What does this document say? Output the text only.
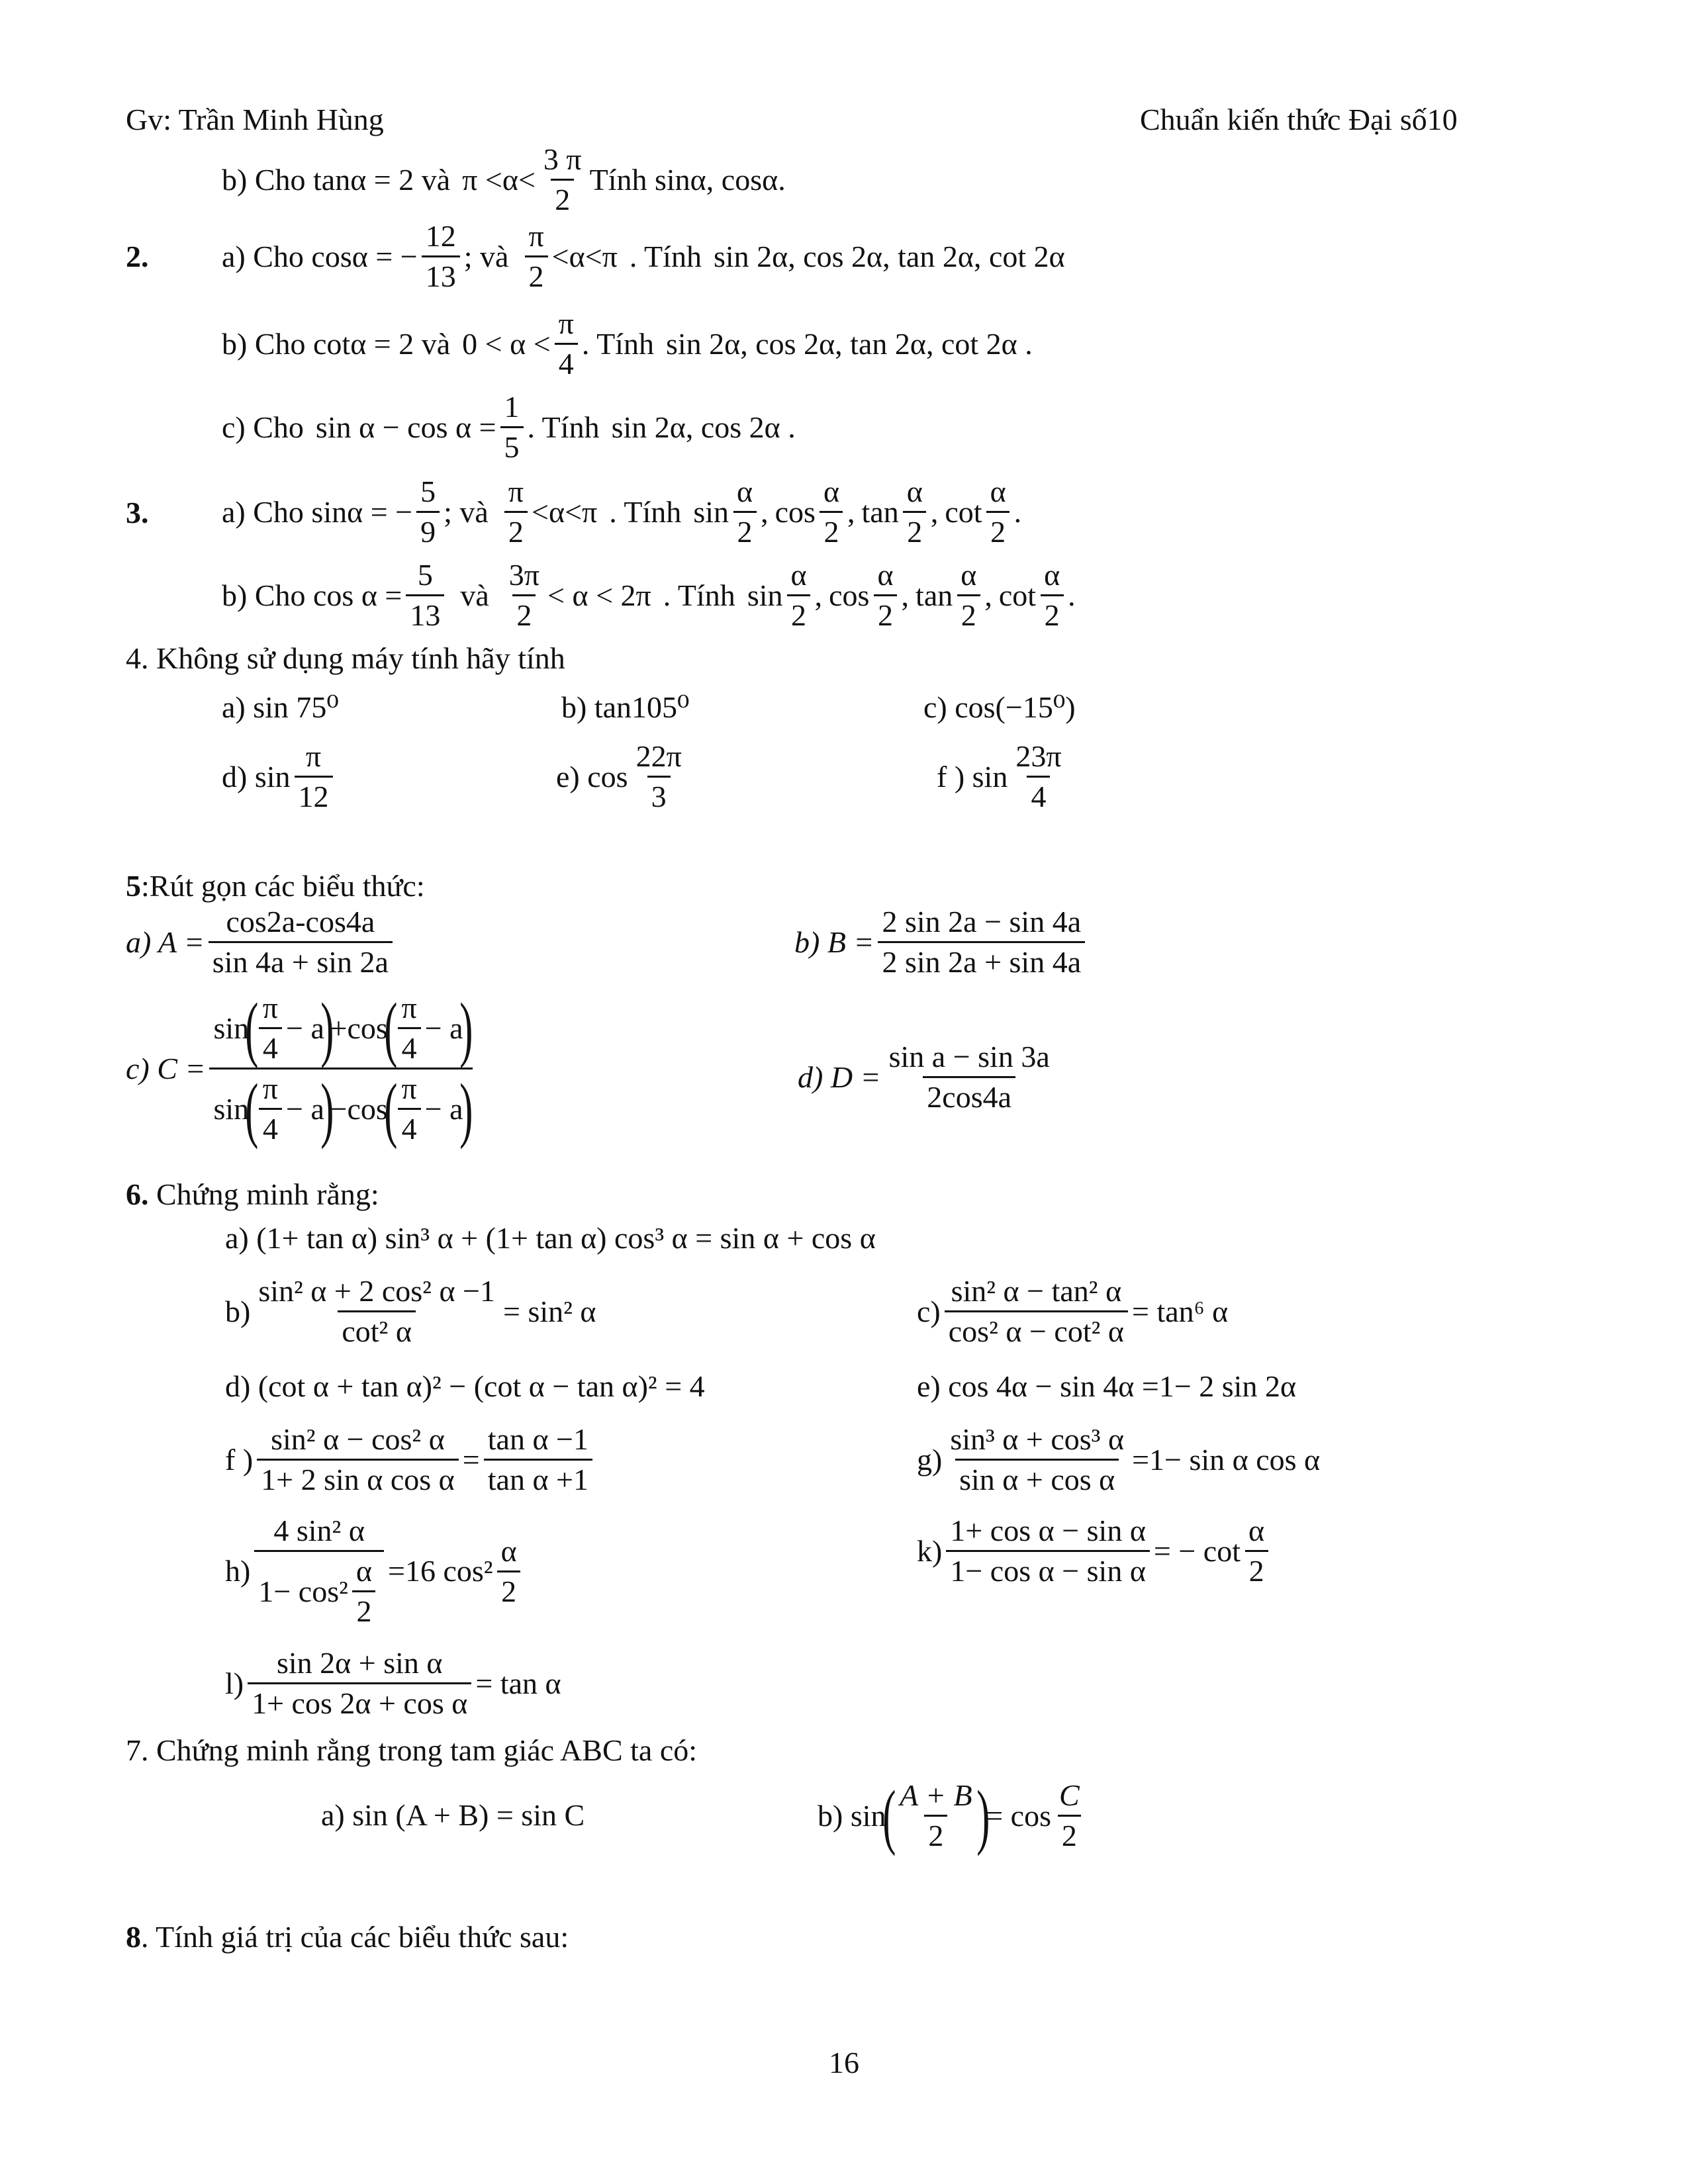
Gv: Trần Minh Hùng	Chuẩn kiến thức Đại số10
b) Cho tanα = 2 và $\pi <\alpha< \frac{3 \pi}{2}$ Tính sinα, cosα.
2. a) Cho cosα = − $\frac{12}{13}$ ; và
π
2
<α<π . Tính sin 2α, cos 2α, tan 2α, cot 2α
b) Cho cotα = 2 và $0 < \alpha < \frac{\pi}{4}$ . Tính sin 2α, cos 2α, tan 2α, cot 2α .
c) Cho $\sin \alpha - \cos \alpha = \frac{1}{5}$ . Tính sin 2α, cos 2α .
3. a) Cho sinα = − $\frac{5}{9}$ ; và
π
2
<α<π . Tính sin
α
2
, cos
α
2
, tan
α
2
, cot
α
2
.
b) Cho $\cos \alpha = \frac{5}{13}$ và
3π
2
< α < 2π . Tính sin
α
2
, cos
α
2
, tan
α
2
, cot
α
2
.
4. Không sử dụng máy tính hãy tính
a) sin 75⁰	b) tan105⁰	c) cos(−15⁰)
d) $\sin \frac{\pi}{12}$	e) $\cos \frac{22\pi}{3}$	f ) $\sin \frac{23\pi}{4}$
5:Rút gọn các biểu thức:
a) $A = \frac{\cos 2a-\cos 4a}{\sin 4a + \sin 2a}$	b) $B = \frac{2 \sin 2a - \sin 4a}{2 \sin 2a + \sin 4a}$
c) C = sin
( π
4
− a
)
+ cos
( π
4
− a
)
sin
( π
4
− a
)
− cos
( π
4
− a
)	d) $D = \frac{\text{sin a − sin 3a}}{2\cos 4a}$
6. Chứng minh rằng:
a) (1+ tan α) sin³ α + (1+ tan α) cos³ α = sin α + cos α
$b) \frac{\text{sin² α + 2 cos² α −1}}{\text{cot² α}} = \sin^2$ α	$c) \frac{\text{sin² α − tan² α}}{\text{cos² α − cot² α}} = \tan^6$ α
d) (cot α + tan α)² − (cot α − tan α)² = 4	e) cos 4α − sin 4α =1− 2 sin 2α
f ) $\frac{\text{sin² α − cos² α}}{\text{1+ 2 sin α cos α}} = \frac{\text{tan α −1}}{\text{tan α +1}}$	$g) \frac{\text{sin³ α + cos³ α}}{\text{sin α + cos α}} =1- \sin \alpha$ cos α
h) 4 sin² α
1− cos²
α
2 =16 cos²
α
2
$k) \frac{\text{1+ cos α − sin α}}{\text{1− cos α − sin α}}$ = − cot
α
2
$l) \frac{\text{sin 2α + sin α}}{\text{1+ cos 2α + cos α}} = \tan \alpha$
7. Chứng minh rằng trong tam giác ABC ta có:
a) sin (A + B) = sin C	b) sin
( $\frac{A + B}{2}$ )
= cos
C
2
8. Tính giá trị của các biểu thức sau:
16
